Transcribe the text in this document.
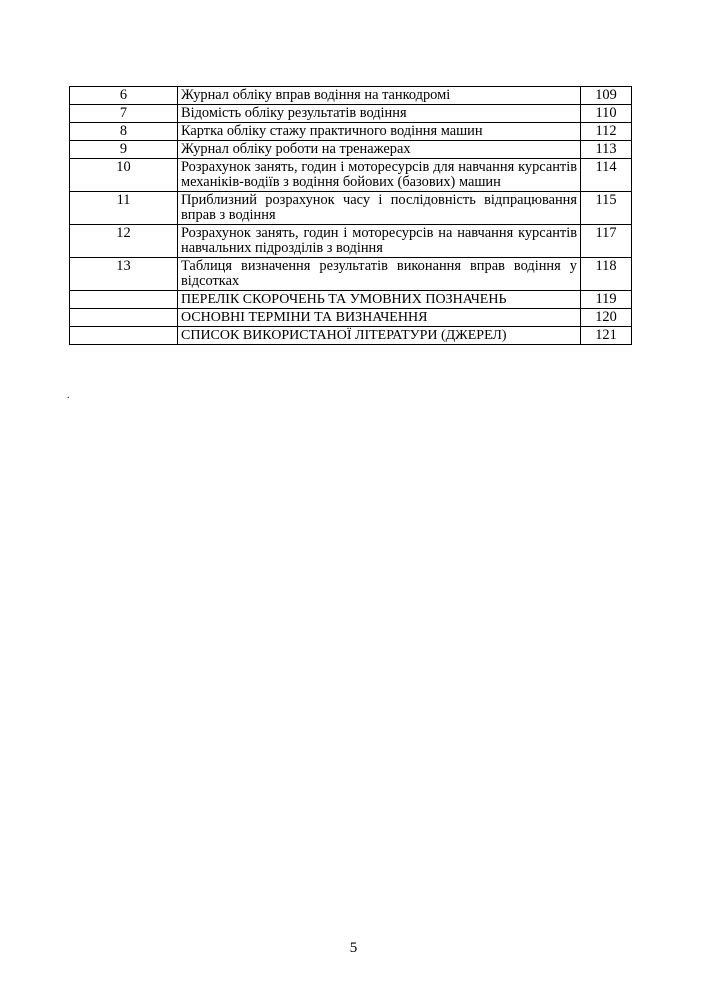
6	Журнал обліку вправ водіння на танкодромі	109
7	Відомість обліку результатів водіння	110
8	Картка обліку стажу практичного водіння машин	112
9	Журнал обліку роботи на тренажерах	113
10	Розрахунок занять, годин і моторесурсів для навчання курсантів механіків-водіїв з водіння бойових (базових) машин	114
11	Приблизний розрахунок часу і послідовність відпрацювання вправ з водіння	115
12	Розрахунок занять, годин і моторесурсів на навчання курсантів навчальних підрозділів з водіння	117
13	Таблиця визначення результатів виконання вправ водіння у відсотках	118
	ПЕРЕЛІК СКОРОЧЕНЬ ТА УМОВНИХ ПОЗНАЧЕНЬ	119
	ОСНОВНІ ТЕРМІНИ ТА ВИЗНАЧЕННЯ	120
	СПИСОК ВИКОРИСТАНОЇ ЛІТЕРАТУРИ (ДЖЕРЕЛ)	121
.
5
